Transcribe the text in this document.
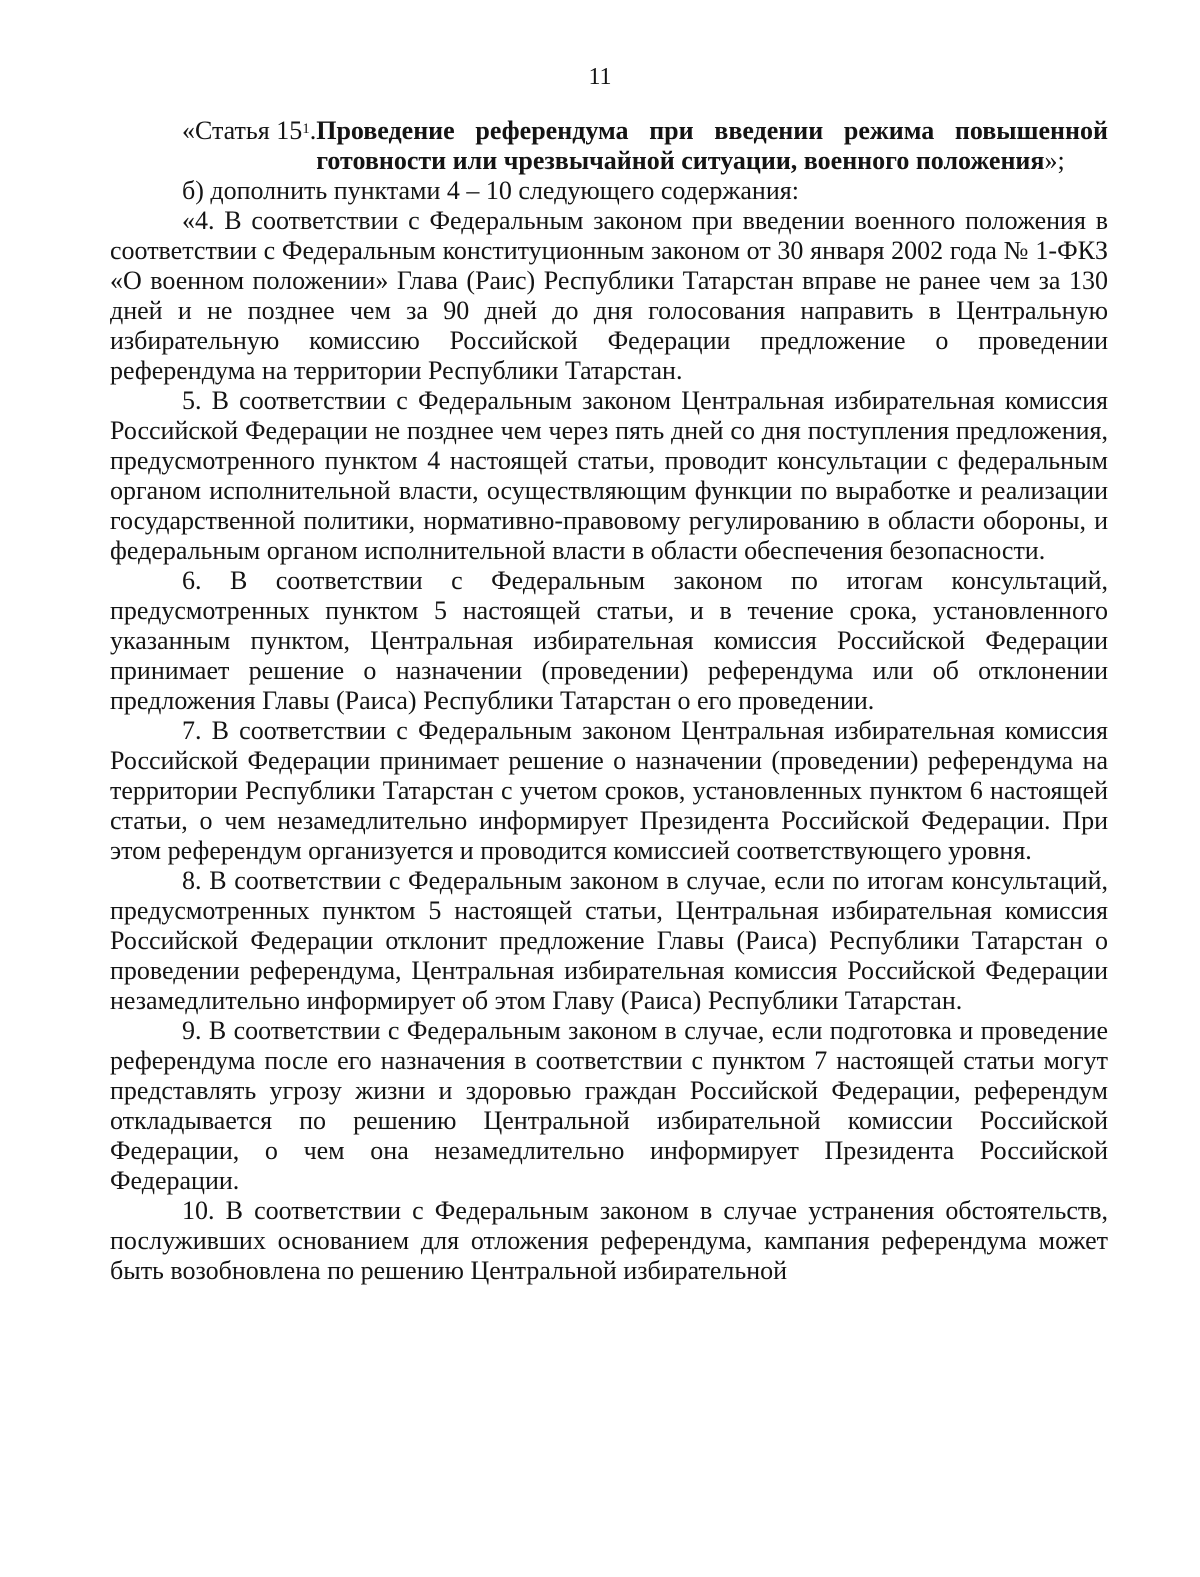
11
«Статья $15^1$. Проведение референдума при введении режима повышенной готовности или чрезвычайной ситуации, военного положения»;

б) дополнить пунктами 4 – 10 следующего содержания:

«4. В соответствии с Федеральным законом при введении военного положения в соответствии с Федеральным конституционным законом от 30 января 2002 года № 1-ФКЗ «О военном положении» Глава (Раис) Республики Татарстан вправе не ранее чем за 130 дней и не позднее чем за 90 дней до дня голосования направить в Центральную избирательную комиссию Российской Федерации предложение о проведении референдума на территории Республики Татарстан.

5. В соответствии с Федеральным законом Центральная избирательная комиссия Российской Федерации не позднее чем через пять дней со дня поступления предложения, предусмотренного пунктом 4 настоящей статьи, проводит консультации с федеральным органом исполнительной власти, осуществляющим функции по выработке и реализации государственной политики, нормативно-правовому регулированию в области обороны, и федеральным органом исполнительной власти в области обеспечения безопасности.

6. В соответствии с Федеральным законом по итогам консультаций, предусмотренных пунктом 5 настоящей статьи, и в течение срока, установленного указанным пунктом, Центральная избирательная комиссия Российской Федерации принимает решение о назначении (проведении) референдума или об отклонении предложения Главы (Раиса) Республики Татарстан о его проведении.

7. В соответствии с Федеральным законом Центральная избирательная комиссия Российской Федерации принимает решение о назначении (проведении) референдума на территории Республики Татарстан с учетом сроков, установленных пунктом 6 настоящей статьи, о чем незамедлительно информирует Президента Российской Федерации. При этом референдум организуется и проводится комиссией соответствующего уровня.

8. В соответствии с Федеральным законом в случае, если по итогам консультаций, предусмотренных пунктом 5 настоящей статьи, Центральная избирательная комиссия Российской Федерации отклонит предложение Главы (Раиса) Республики Татарстан о проведении референдума, Центральная избирательная комиссия Российской Федерации незамедлительно информирует об этом Главу (Раиса) Республики Татарстан.

9. В соответствии с Федеральным законом в случае, если подготовка и проведение референдума после его назначения в соответствии с пунктом 7 настоящей статьи могут представлять угрозу жизни и здоровью граждан Российской Федерации, референдум откладывается по решению Центральной избирательной комиссии Российской Федерации, о чем она незамедлительно информирует Президента Российской Федерации.

10. В соответствии с Федеральным законом в случае устранения обстоятельств, послуживших основанием для отложения референдума, кампания референдума может быть возобновлена по решению Центральной избирательной
